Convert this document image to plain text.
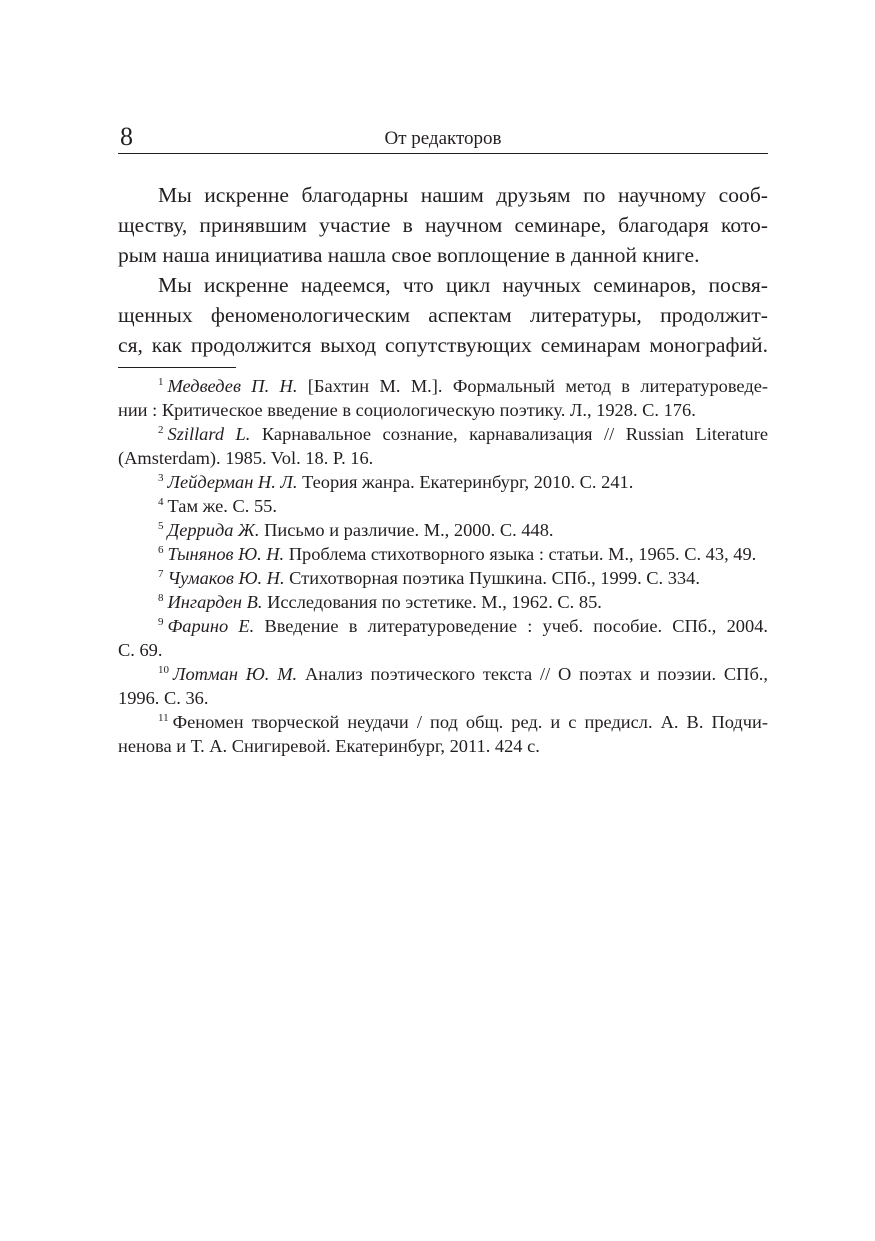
8	От редакторов
Мы искренне благодарны нашим друзьям по научному сооб-
ществу, принявшим участие в научном семинаре, благодаря кото-
рым наша инициатива нашла свое воплощение в данной книге.
Мы искренне надеемся, что цикл научных семинаров, посвя-
щенных феноменологическим аспектам литературы, продолжит-
ся, как продолжится выход сопутствующих семинарам монографий.
$^1$ Медведев П. Н. [Бахтин М. М.]. Формальный метод в литературоведе-
нии : Критическое введение в социологическую поэтику. Л., 1928. С. 176.
$^2$ Szillard L. Карнавальное сознание, карнавализация // Russian Literature
(Amsterdam). 1985. Vol. 18. P. 16.
$^3$ Лейдерман Н. Л. Теория жанра. Екатеринбург, 2010. С. 241.
$^4$ Там же. С. 55.
$^5$ Деррида Ж. Письмо и различие. М., 2000. С. 448.
$^6$ Тынянов Ю. Н. Проблема стихотворного языка : статьи. М., 1965. С. 43, 49.
$^7$ Чумаков Ю. Н. Стихотворная поэтика Пушкина. СПб., 1999. С. 334.
$^8$ Ингарден В. Исследования по эстетике. М., 1962. С. 85.
$^9$ Фарино Е. Введение в литературоведение : учеб. пособие. СПб., 2004.
С. 69.
$^{10}$ Лотман Ю. М. Анализ поэтического текста // О поэтах и поэзии. СПб.,
1996. С. 36.
$^{11}$ Феномен творческой неудачи / под общ. ред. и с предисл. А. В. Подчи-
ненова и Т. А. Снигиревой. Екатеринбург, 2011. 424 с.
